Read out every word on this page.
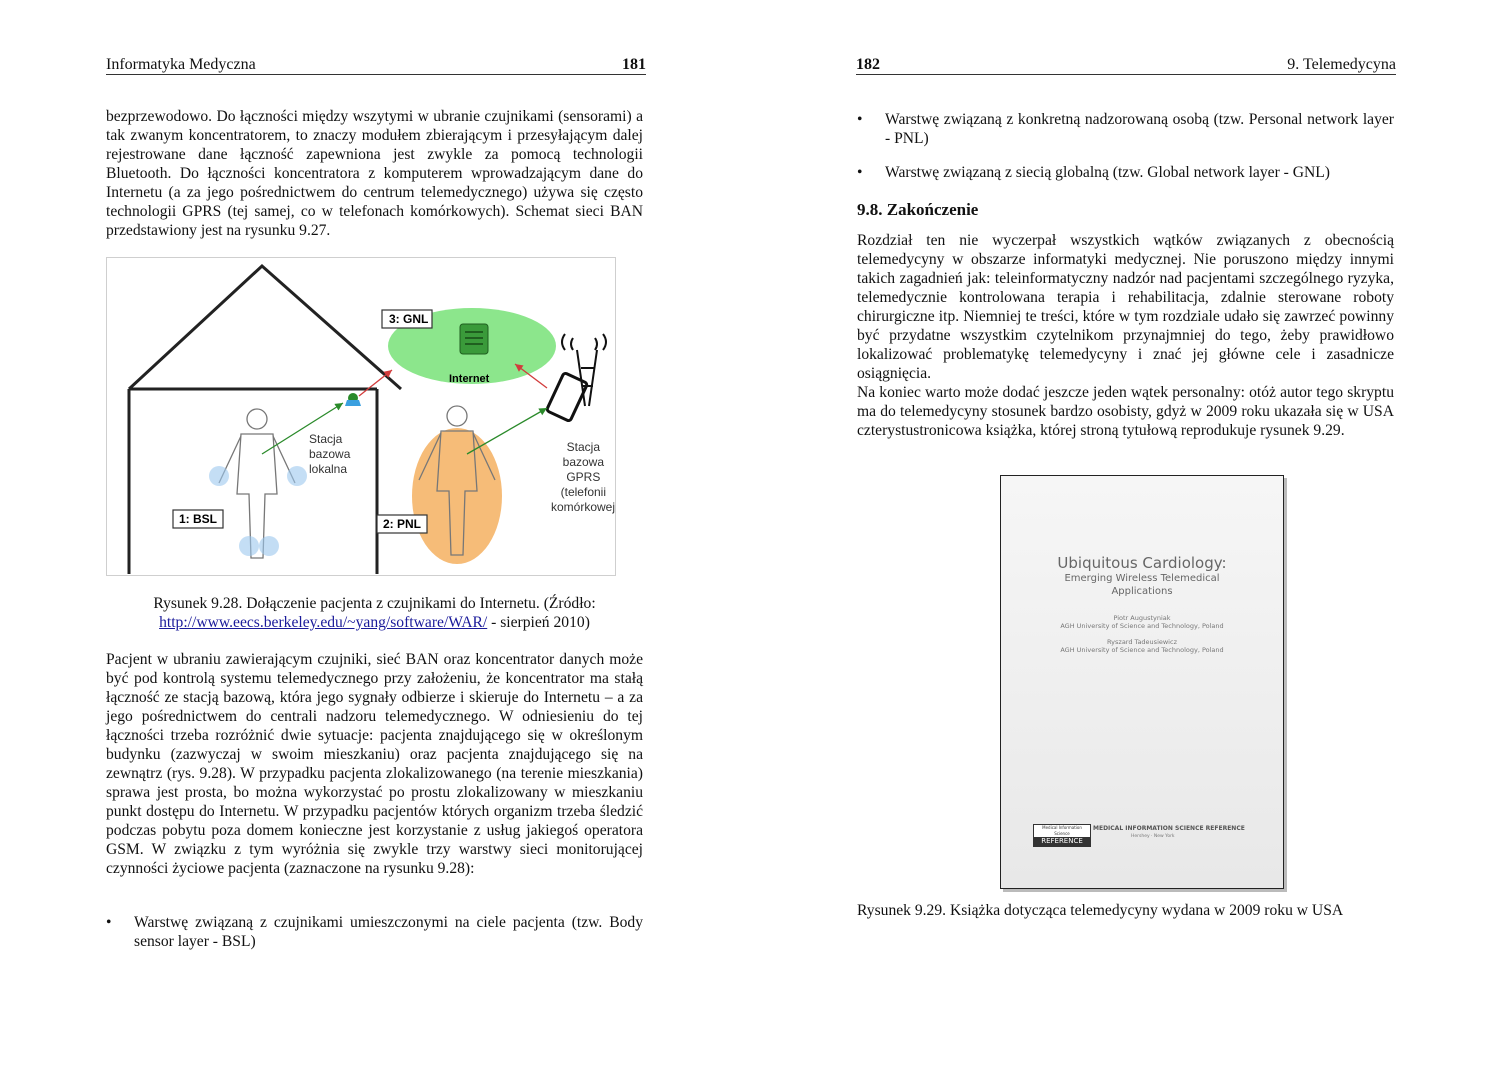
Informatyka Medyczna	181

bezprzewodowo. Do łączności między wszytymi w ubranie czujnikami (sensorami) a tak zwanym koncentratorem, to znaczy modułem zbierającym i przesyłającym dalej rejestrowane dane łączność zapewniona jest zwykle za pomocą technologii Bluetooth. Do łączności koncentratora z komputerem wprowadzającym dane do Internetu (a za jego pośrednictwem do centrum telemedycznego) używa się często technologii GPRS (tej samej, co w telefonach komórkowych). Schemat sieci BAN przedstawiony jest na rysunku 9.27.

Internet
3: GNL
Stacja bazowa lokalna
Stacja bazowa GPRS (telefonii komórkowej)
1: BSL	2: PNL
Rysunek 9.28. Dołączenie pacjenta z czujnikami do Internetu. (Źródło:
http://www.eecs.berkeley.edu/~yang/software/WAR/ - sierpień 2010)

Pacjent w ubraniu zawierającym czujniki, sieć BAN oraz koncentrator danych może być pod kontrolą systemu telemedycznego przy założeniu, że koncentrator ma stałą łączność ze stacją bazową, która jego sygnały odbierze i skieruje do Internetu – a za jego pośrednictwem do centrali nadzoru telemedycznego. W odniesieniu do tej łączności trzeba rozróżnić dwie sytuacje: pacjenta znajdującego się w określonym budynku (zazwyczaj w swoim mieszkaniu) oraz pacjenta znajdującego się na zewnątrz (rys. 9.28). W przypadku pacjenta zlokalizowanego (na terenie mieszkania) sprawa jest prosta, bo można wykorzystać po prostu zlokalizowany w mieszkaniu punkt dostępu do Internetu. W przypadku pacjentów których organizm trzeba śledzić podczas pobytu poza domem konieczne jest korzystanie z usług jakiegoś operatora GSM. W związku z tym wyróżnia się zwykle trzy warstwy sieci monitorującej czynności życiowe pacjenta (zaznaczone na rysunku 9.28):

• Warstwę związaną z czujnikami umieszczonymi na ciele pacjenta (tzw. Body sensor layer - BSL)
182	9. Telemedycyna
• Warstwę związaną z konkretną nadzorowaną osobą (tzw. Personal network layer - PNL)
• Warstwę związaną z siecią globalną (tzw. Global network layer - GNL)
9.8. Zakończenie

Rozdział ten nie wyczerpał wszystkich wątków związanych z obecnością telemedycyny w obszarze informatyki medycznej. Nie poruszono między innymi takich zagadnień jak: teleinformatyczny nadzór nad pacjentami szczególnego ryzyka, telemedycznie kontrolowana terapia i rehabilitacja, zdalnie sterowane roboty chirurgiczne itp. Niemniej te treści, które w tym rozdziale udało się zawrzeć powinny być przydatne wszystkim czytelnikom przynajmniej do tego, żeby prawidłowo lokalizować problematykę telemedycyny i znać jej główne cele i zasadnicze osiągnięcia.

Na koniec warto może dodać jeszcze jeden wątek personalny: otóż autor tego skryptu ma do telemedycyny stosunek bardzo osobisty, gdyż w 2009 roku ukazała się w USA czterystustronicowa książka, której stroną tytułową reprodukuje rysunek 9.29.

Ubiquitous Cardiology:
Emerging Wireless Telemedical
Applications
Piotr Augustyniak
AGH University of Science and Technology, Poland
Ryszard Tadeusiewicz
AGH University of Science and Technology, Poland
Medical Information Science
REFERENCE
MEDICAL INFORMATION SCIENCE REFERENCE
Hershey · New York
Rysunek 9.29. Książka dotycząca telemedycyny wydana w 2009 roku w USA
